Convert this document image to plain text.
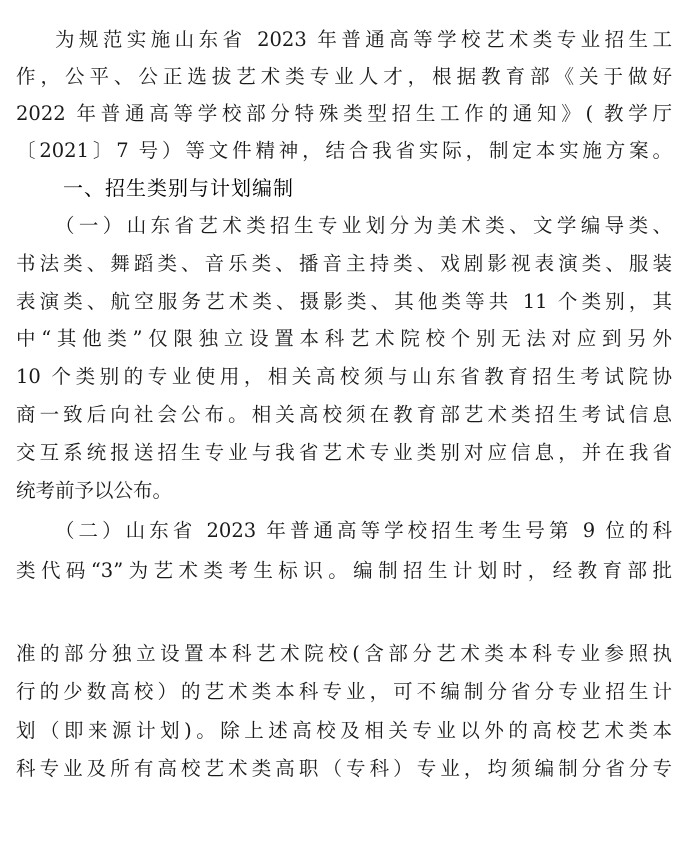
为规范实施山东省 2023 年普通高等学校艺术类专业招生工
作，公平、公正选拔艺术类专业人才，根据教育部《关于做好
2022 年普通高等学校部分特殊类型招生工作的通知》( 教学厅
〔2021〕7 号）等文件精神，结合我省实际，制定本实施方案。
一、招生类别与计划编制
（一）山东省艺术类招生专业划分为美术类、文学编导类、
书法类、舞蹈类、音乐类、播音主持类、戏剧影视表演类、服装
表演类、航空服务艺术类、摄影类、其他类等共 11 个类别，其
中“其他类”仅限独立设置本科艺术院校个别无法对应到另外
10 个类别的专业使用，相关高校须与山东省教育招生考试院协
商一致后向社会公布。相关高校须在教育部艺术类招生考试信息
交互系统报送招生专业与我省艺术专业类别对应信息，并在我省
统考前予以公布。
（二）山东省 2023 年普通高等学校招生考生号第 9 位的科
类代码“3”为艺术类考生标识。编制招生计划时，经教育部批
准的部分独立设置本科艺术院校(含部分艺术类本科专业参照执
行的少数高校）的艺术类本科专业，可不编制分省分专业招生计
划（即来源计划)。除上述高校及相关专业以外的高校艺术类本
科专业及所有高校艺术类高职（专科）专业，均须编制分省分专
